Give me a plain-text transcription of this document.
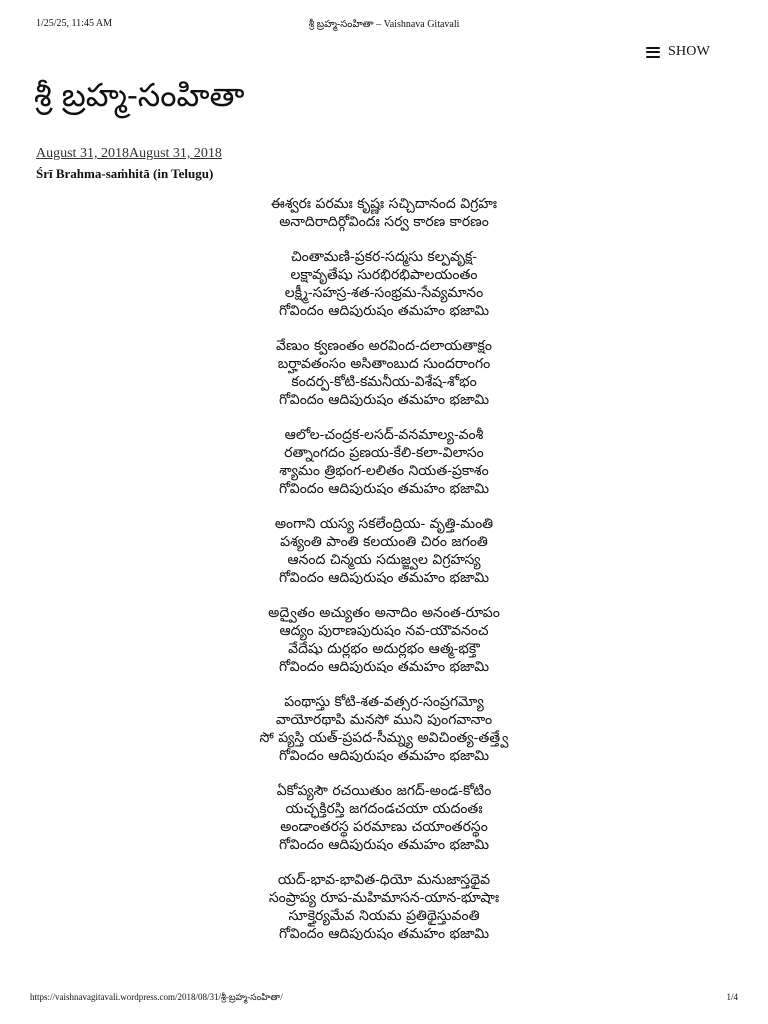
1/25/25, 11:45 AM	శ్రీ బ్రహ్మ-సంహితా – Vaishnava Gitavali
SHOW
శ్రీ బ్రహ్మ-సంహితా
August 31, 2018August 31, 2018
Śrī Brahma-saṁhitā (in Telugu)
ఈశ్వరః పరమః కృష్ణః సచ్చిదానంద విగ్రహః
అనాదిరాదిర్గోవిందః సర్వ కారణ కారణం
చింతామణి-ప్రకర-సద్మసు కల్పవృక్ష-
లక్షావృతేషు సురభిరభిపాలయంతం
లక్ష్మీ-సహస్ర-శత-సంభ్రమ-సేవ్యమానం
గోవిందం ఆదిపురుషం తమహం భజామి
వేణుం క్వణంతం అరవింద-దలాయతాక్షం
బర్హావతంసం అసితాంబుద సుందరాంగం
కందర్ప-కోటి-కమనీయ-విశేష-శోభం
గోవిందం ఆదిపురుషం తమహం భజామి
ఆలోల-చంద్రక-లసద్-వనమాల్య-వంశీ
రత్నాంగదం ప్రణయ-కేలి-కలా-విలాసం
శ్యామం త్రిభంగ-లలితం నియత-ప్రకాశం
గోవిందం ఆదిపురుషం తమహం భజామి
అంగాని యస్య సకలేంద్రియ- వృత్తి-మంతి
పశ్యంతి పాంతి కలయంతి చిరం జగంతి
ఆనంద చిన్మయ సదుజ్జ్వల విగ్రహస్య
గోవిందం ఆదిపురుషం తమహం భజామి
అద్వైతం అచ్యుతం అనాదిం అనంత-రూపం
ఆద్యం పురాణపురుషం నవ-యౌవనంచ
వేదేషు దుర్లభం అదుర్లభం ఆత్మ-భక్తౌ
గోవిందం ఆదిపురుషం తమహం భజామి
పంథాస్తు కోటి-శత-వత్సర-సంప్రగమ్యో
వాయోరథాపి మనసో ముని పుంగవానాం
సో ప్యస్తి యత్-ప్రపద-సీమ్న్య అవిచింత్య-తత్త్వే
గోవిందం ఆదిపురుషం తమహం భజామి
ఏకోప్యసౌ రచయితుం జగద్-అండ-కోటిం
యచ్ఛక్తిరస్తి జగదండచయా యదంతః
అండాంతరస్థ పరమాణు చయాంతరస్థం
గోవిందం ఆదిపురుషం తమహం భజామి
యద్-భావ-భావిత-ధియో మనుజాస్తథైవ
సంప్రాప్య రూప-మహిమాసన-యాన-భూషాః
సూక్తైర్యమేవ నియమ ప్రతిథైస్తువంతి
గోవిందం ఆదిపురుషం తమహం భజామి
https://vaishnavagitavali.wordpress.com/2018/08/31/శ్రీ-బ్రహ్మ-సంహితా/	1/4
